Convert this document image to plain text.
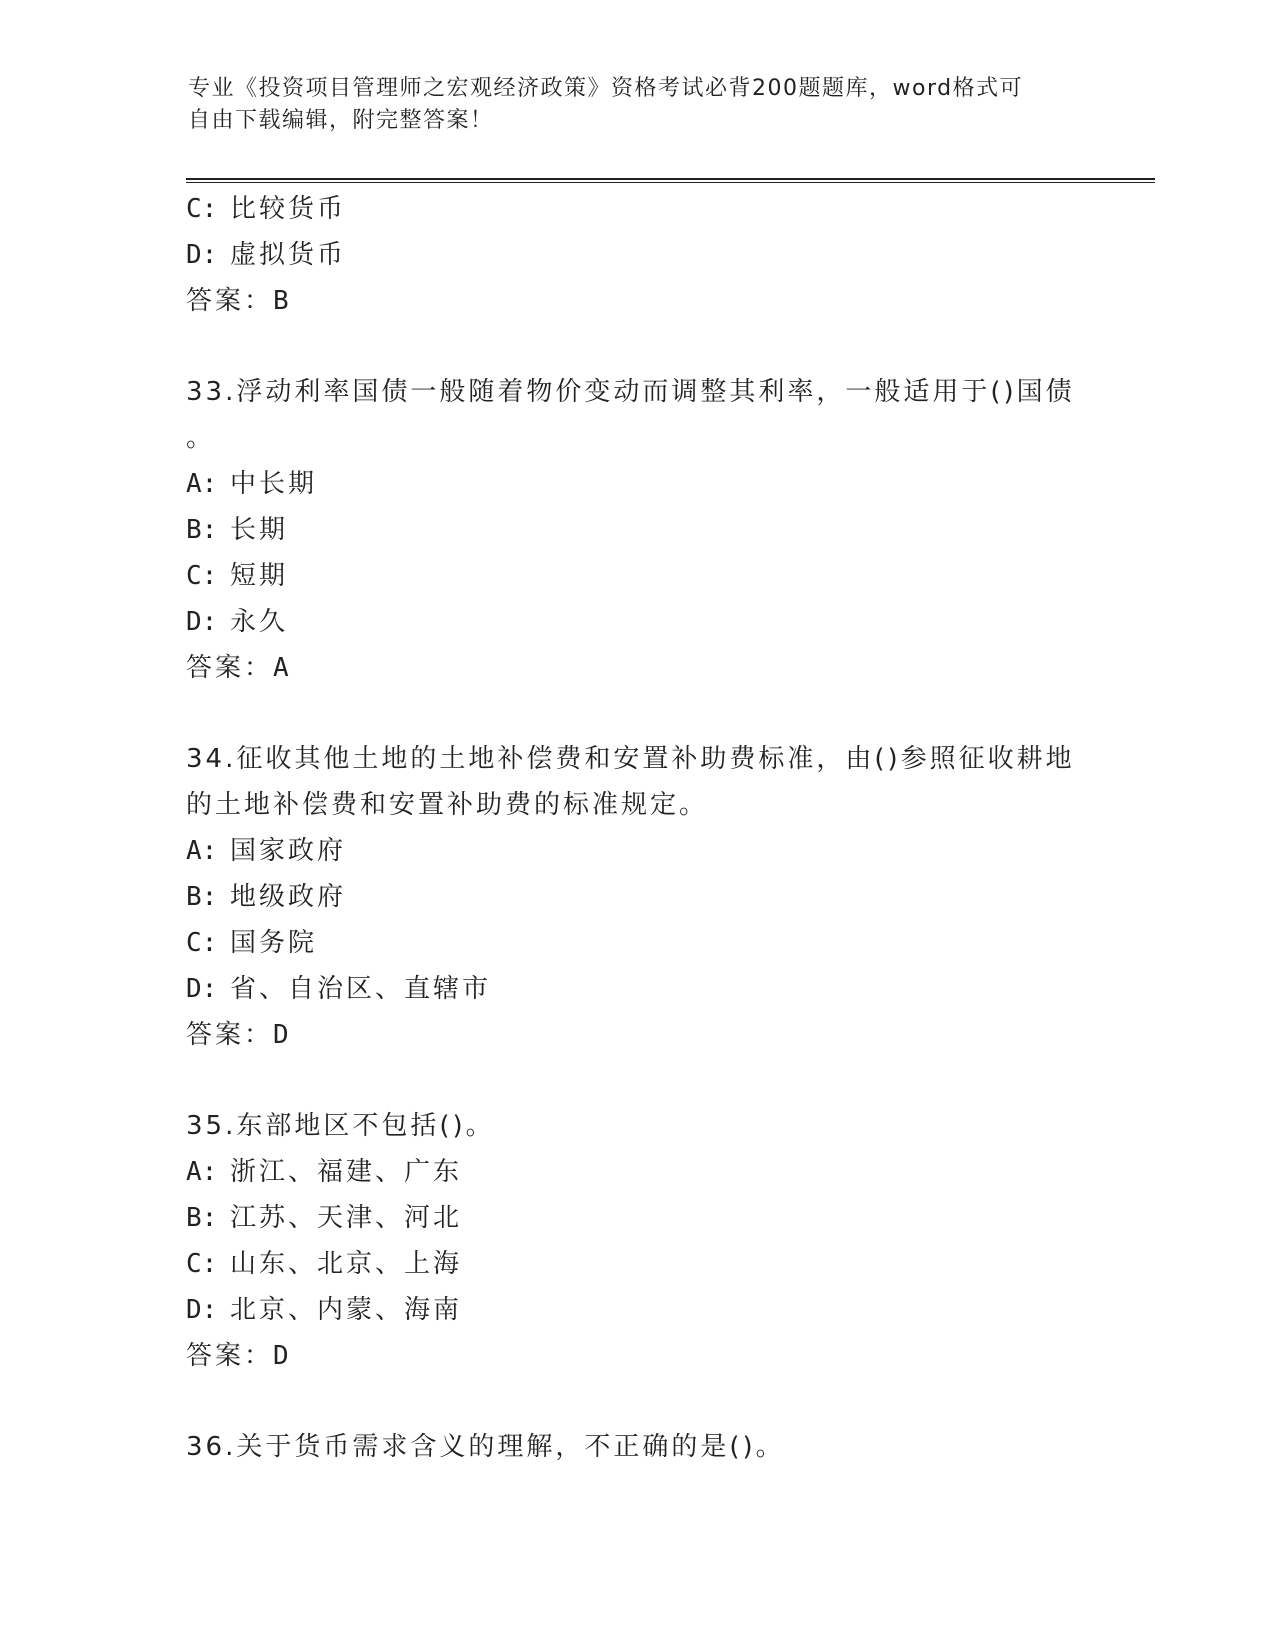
专业《投资项目管理师之宏观经济政策》资格考试必背200题题库，word格式可
自由下载编辑，附完整答案！
C: 比较货币
D: 虚拟货币
答案：B
33.浮动利率国债一般随着物价变动而调整其利率，一般适用于()国债
。
A: 中长期
B: 长期
C: 短期
D: 永久
答案：A
34.征收其他土地的土地补偿费和安置补助费标准，由()参照征收耕地
的土地补偿费和安置补助费的标准规定。
A: 国家政府
B: 地级政府
C: 国务院
D: 省、自治区、直辖市
答案：D
35.东部地区不包括()。
A: 浙江、福建、广东
B: 江苏、天津、河北
C: 山东、北京、上海
D: 北京、内蒙、海南
答案：D
36.关于货币需求含义的理解，不正确的是()。
